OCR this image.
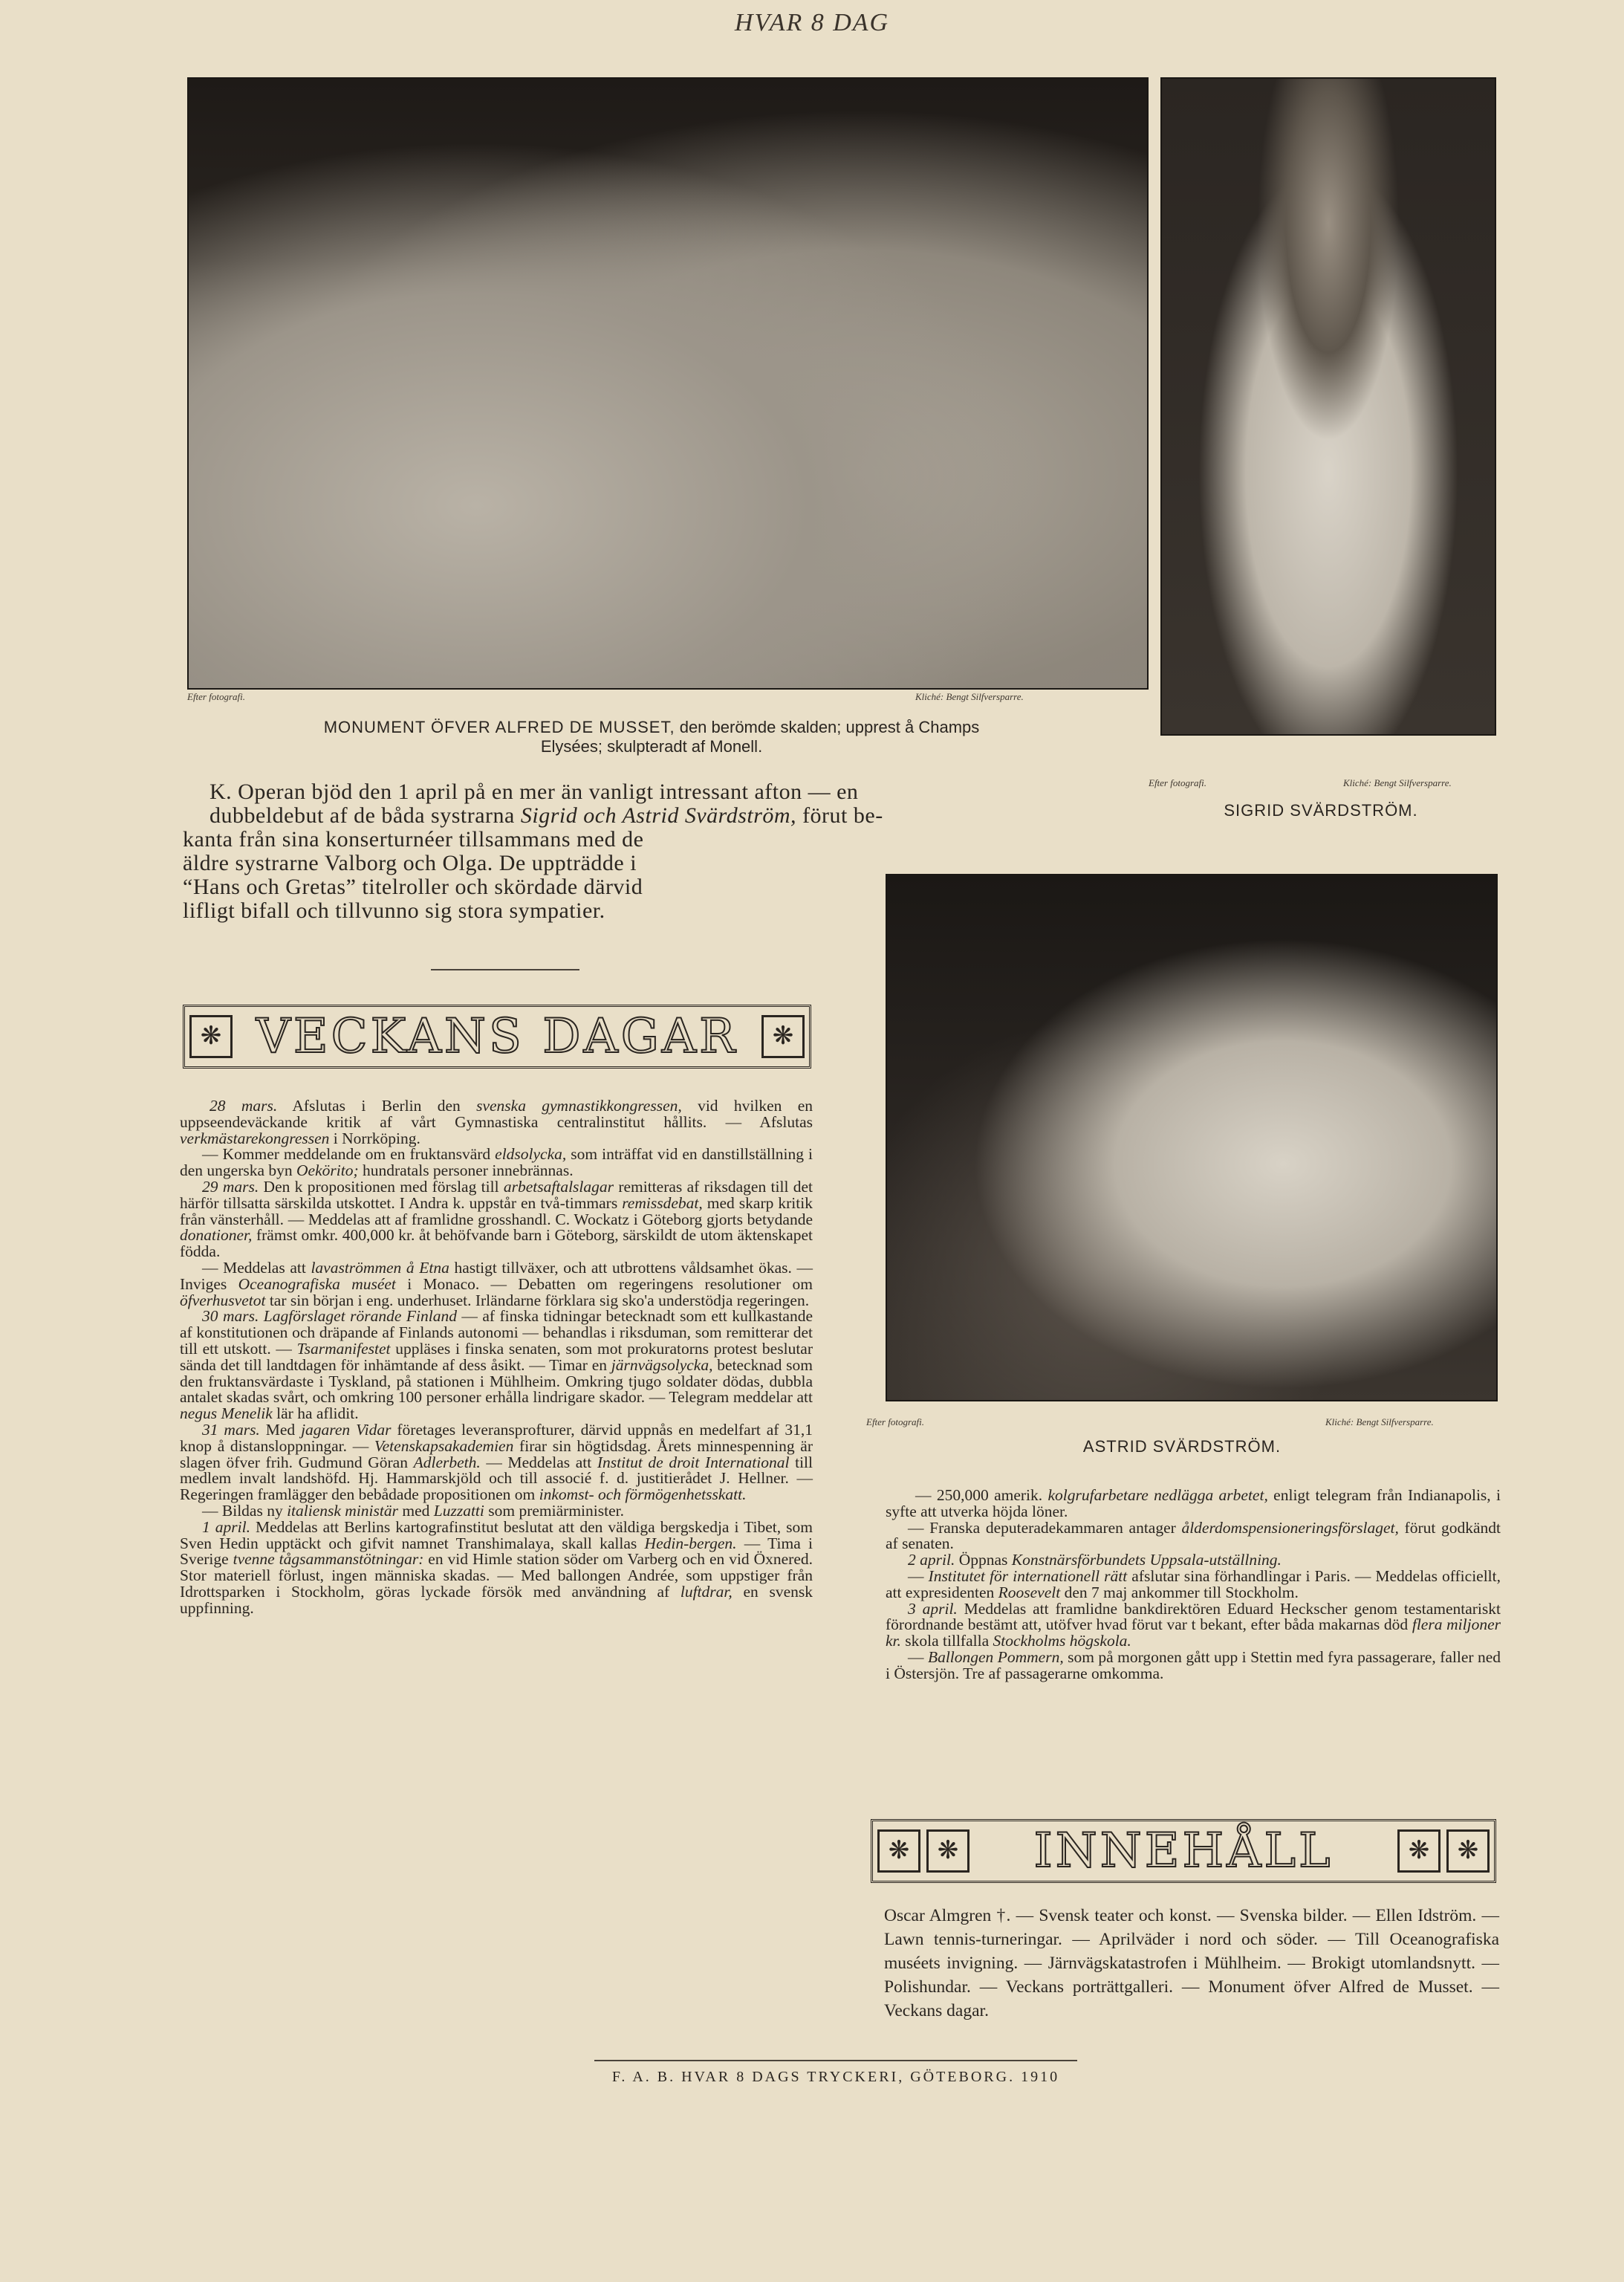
HVAR 8 DAG
Efter fotografi.	Kliché: Bengt Silfversparre.
MONUMENT ÖFVER ALFRED DE MUSSET, den berömde skalden; upprest å Champs
Elysées; skulpteradt af Monell.
Efter fotografi.	Kliché: Bengt Silfversparre.
SIGRID SVÄRDSTRÖM.
K. Operan bjöd den 1 april på en mer än vanligt intressant afton — en
dubbeldebut af de båda systrarna Sigrid och Astrid Svärdström, förut be-
kanta från sina konserturnéer tillsammans med de
äldre systrarne Valborg och Olga. De uppträdde i
“Hans och Gretas” titelroller och skördade därvid
lifligt bifall och tillvunno sig stora sympatier.
❋ VECKANS DAGAR	❋

28 mars. Afslutas i Berlin den svenska gymnastikkongressen, vid hvilken en uppseendeväckande kritik af vårt Gymnastiska centralinstitut hållits. — Afslutas verkmästarekongressen i Norrköping.

— Kommer meddelande om en fruktansvärd eldsolycka, som inträffat vid en danstillställning i den ungerska byn Oekörito; hundratals personer innebrännas.

29 mars. Den k propositionen med förslag till arbetsaftalslagar remitteras af riksdagen till det härför tillsatta särskilda utskottet. I Andra k. uppstår en två-timmars remissdebat, med skarp kritik från vänsterhåll. — Meddelas att af framlidne grosshandl. C. Wockatz i Göteborg gjorts betydande donationer, främst omkr. 400,000 kr. åt behöfvande barn i Göteborg, särskildt de utom äktenskapet födda.

— Meddelas att lavaströmmen å Etna hastigt tillväxer, och att utbrottens våldsamhet ökas. — Inviges Oceanografiska muséet i Monaco. — Debatten om regeringens resolutioner om öfverhusvetot tar sin början i eng. underhuset. Irländarne förklara sig sko'a understödja regeringen.

30 mars. Lagförslaget rörande Finland — af finska tidningar betecknadt som ett kullkastande af konstitutionen och dräpande af Finlands autonomi — behandlas i riksduman, som remitterar det till ett utskott. — Tsarmanifestet uppläses i finska senaten, som mot prokuratorns protest beslutar sända det till landtdagen för inhämtande af dess åsikt. — Timar en järnvägsolycka, betecknad som den fruktansvärdaste i Tyskland, på stationen i Mühlheim. Omkring tjugo soldater dödas, dubbla antalet skadas svårt, och omkring 100 personer erhålla lindrigare skador. — Telegram meddelar att negus Menelik lär ha aflidit.

31 mars. Med jagaren Vidar företages leveransprofturer, därvid uppnås en medelfart af 31,1 knop å distansloppningar. — Vetenskapsakademien firar sin högtidsdag. Årets minnespenning är slagen öfver frih. Gudmund Göran Adlerbeth. — Meddelas att Institut de droit International till medlem invalt landshöfd. Hj. Hammarskjöld och till associé f. d. justitierådet J. Hellner. — Regeringen framlägger den bebådade propositionen om inkomst- och förmögenhetsskatt.

— Bildas ny italiensk ministär med Luzzatti som premiärminister.

1 april. Meddelas att Berlins kartografinstitut beslutat att den väldiga bergskedja i Tibet, som Sven Hedin upptäckt och gifvit namnet Transhimalaya, skall kallas Hedin-bergen. — Tima i Sverige tvenne tågsammanstötningar: en vid Himle station söder om Varberg och en vid Öxnered. Stor materiell förlust, ingen människa skadas. — Med ballongen Andrée, som uppstiger från Idrottsparken i Stockholm, göras lyckade försök med användning af luftdrar, en svensk uppfinning.

Efter fotografi.	Kliché: Bengt Silfversparre.
ASTRID SVÄRDSTRÖM.

— 250,000 amerik. kolgrufarbetare nedlägga arbetet, enligt telegram från Indianapolis, i syfte att utverka höjda löner.

— Franska deputeradekammaren antager ålderdomspensioneringsförslaget, förut godkändt af senaten.

2 april. Öppnas Konstnärsförbundets Uppsala-utställning.

— Institutet för internationell rätt afslutar sina förhandlingar i Paris. — Meddelas officiellt, att expresidenten Roosevelt den 7 maj ankommer till Stockholm.

3 april. Meddelas att framlidne bankdirektören Eduard Heckscher genom testamentariskt förordnande bestämt att, utöfver hvad förut var t bekant, efter båda makarnas död flera miljoner kr. skola tillfalla Stockholms högskola.

— Ballongen Pommern, som på morgonen gått upp i Stettin med fyra passagerare, faller ned i Östersjön. Tre af passagerarne omkomma.

❋	❋	INNEHÅLL	❋	❋
Oscar Almgren †. — Svensk teater och konst. — Svenska bilder. — Ellen Idström. — Lawn tennis-turneringar. — Aprilväder i nord och söder. — Till Oceanografiska muséets invigning. — Järnvägskatastrofen i Mühlheim. — Brokigt utomlandsnytt. — Polishundar. — Veckans porträttgalleri. — Monument öfver Alfred de Musset. — Veckans dagar.
F. A. B. HVAR 8 DAGS TRYCKERI, GÖTEBORG. 1910
